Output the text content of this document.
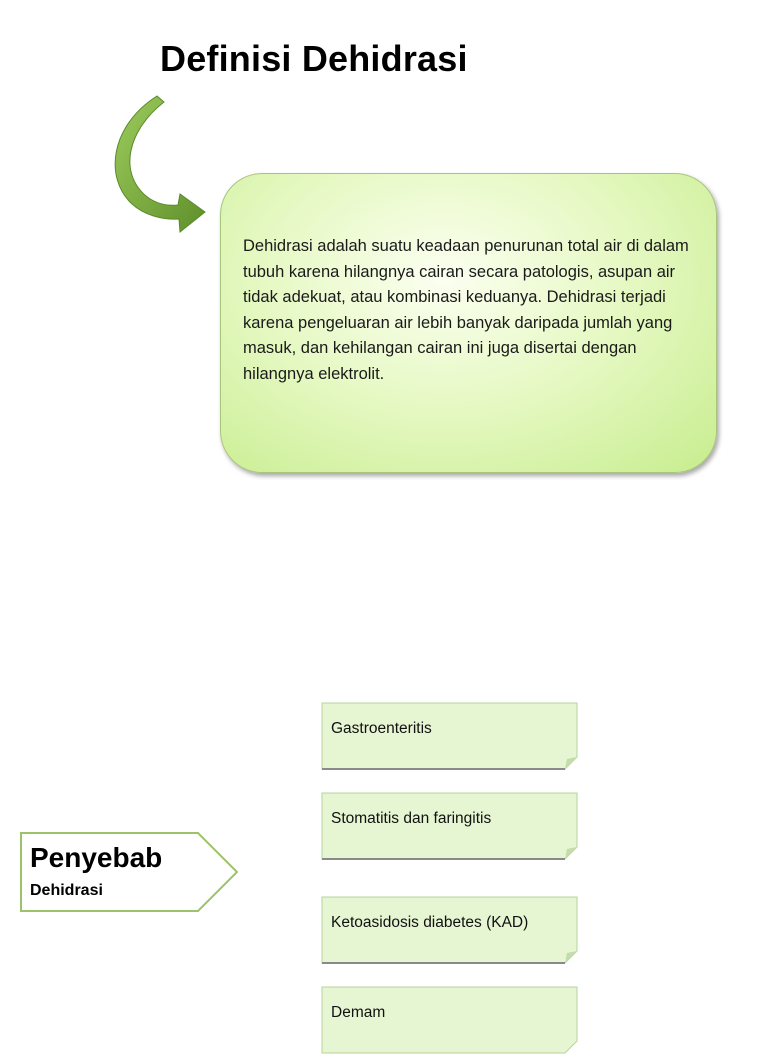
Definisi Dehidrasi
Dehidrasi adalah suatu keadaan penurunan total air di dalam tubuh karena hilangnya cairan secara patologis, asupan air tidak adekuat, atau kombinasi keduanya. Dehidrasi terjadi karena pengeluaran air lebih banyak daripada jumlah yang masuk, dan kehilangan cairan ini juga disertai dengan hilangnya elektrolit.
Penyebab
Dehidrasi
Gastroenteritis
Stomatitis dan faringitis
Ketoasidosis diabetes (KAD)
Demam
